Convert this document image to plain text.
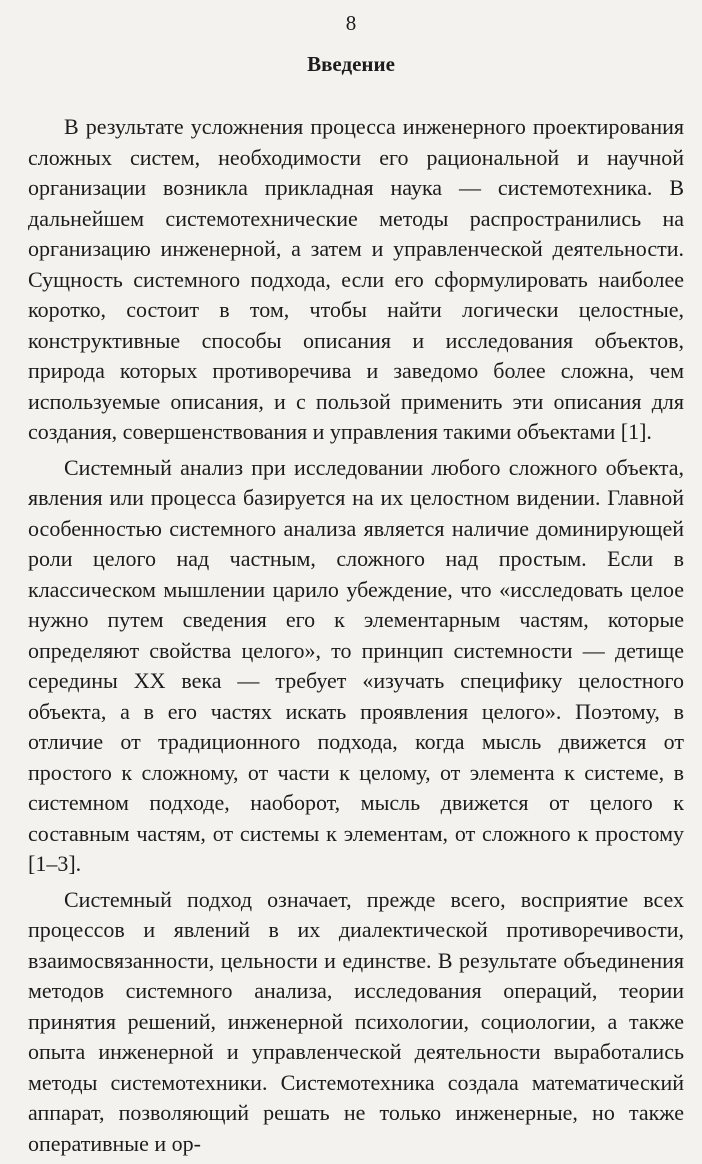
8
Введение

В результате усложнения процесса инженерного проектирования сложных систем, необходимости его рациональной и научной организации возникла прикладная наука — системотехника. В дальнейшем системотехнические методы распространились на организацию инженерной, а затем и управленческой деятельности. Сущность системного подхода, если его сформулировать наиболее коротко, состоит в том, чтобы найти логически целостные, конструктивные способы описания и исследования объектов, природа которых противоречива и заведомо более сложна, чем используемые описания, и с пользой применить эти описания для создания, совершенствования и управления такими объектами [1].

Системный анализ при исследовании любого сложного объекта, явления или процесса базируется на их целостном видении. Главной особенностью системного анализа является наличие доминирующей роли целого над частным, сложного над простым. Если в классическом мышлении царило убеждение, что «исследовать целое нужно путем сведения его к элементарным частям, которые определяют свойства целого», то принцип системности — детище середины XX века — требует «изучать специфику целостного объекта, а в его частях искать проявления целого». Поэтому, в отличие от традиционного подхода, когда мысль движется от простого к сложному, от части к целому, от элемента к системе, в системном подходе, наоборот, мысль движется от целого к составным частям, от системы к элементам, от сложного к простому [1–3].

Системный подход означает, прежде всего, восприятие всех процессов и явлений в их диалектической противоречивости, взаимосвязанности, цельности и единстве. В результате объединения методов системного анализа, исследования операций, теории принятия решений, инженерной психологии, социологии, а также опыта инженерной и управленческой деятельности выработались методы системотехники. Системотехника создала математический аппарат, позволяющий решать не только инженерные, но также оперативные и ор-
